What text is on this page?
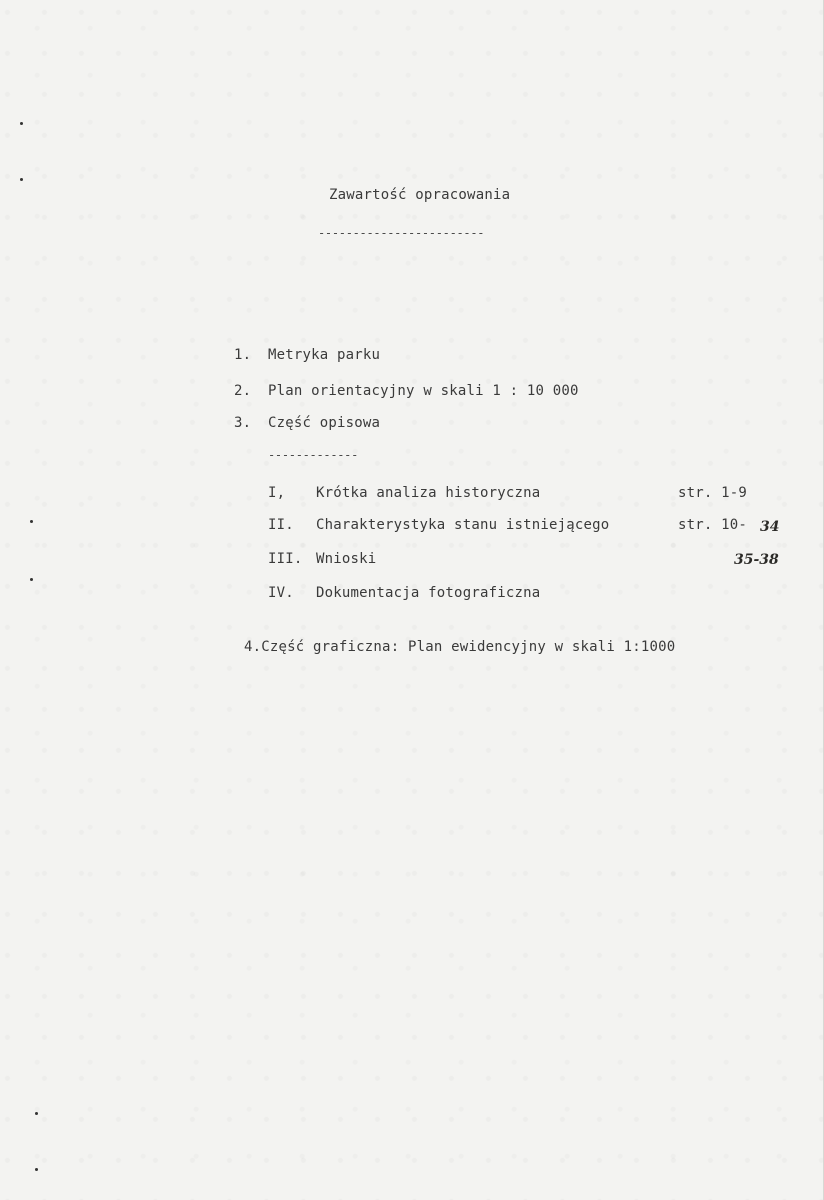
Zawartość opracowania
------------------------
1. Metryka parku
2. Plan orientacyjny w skali 1 : 10 000
3. Część opisowa
-------------
I, Krótka analiza historyczna	str. 1-9
II. Charakterystyka stanu istniejącego	str. 10- 34
III. Wnioski	35-38
IV. Dokumentacja fotograficzna
4.Część graficzna: Plan ewidencyjny w skali 1:1000
